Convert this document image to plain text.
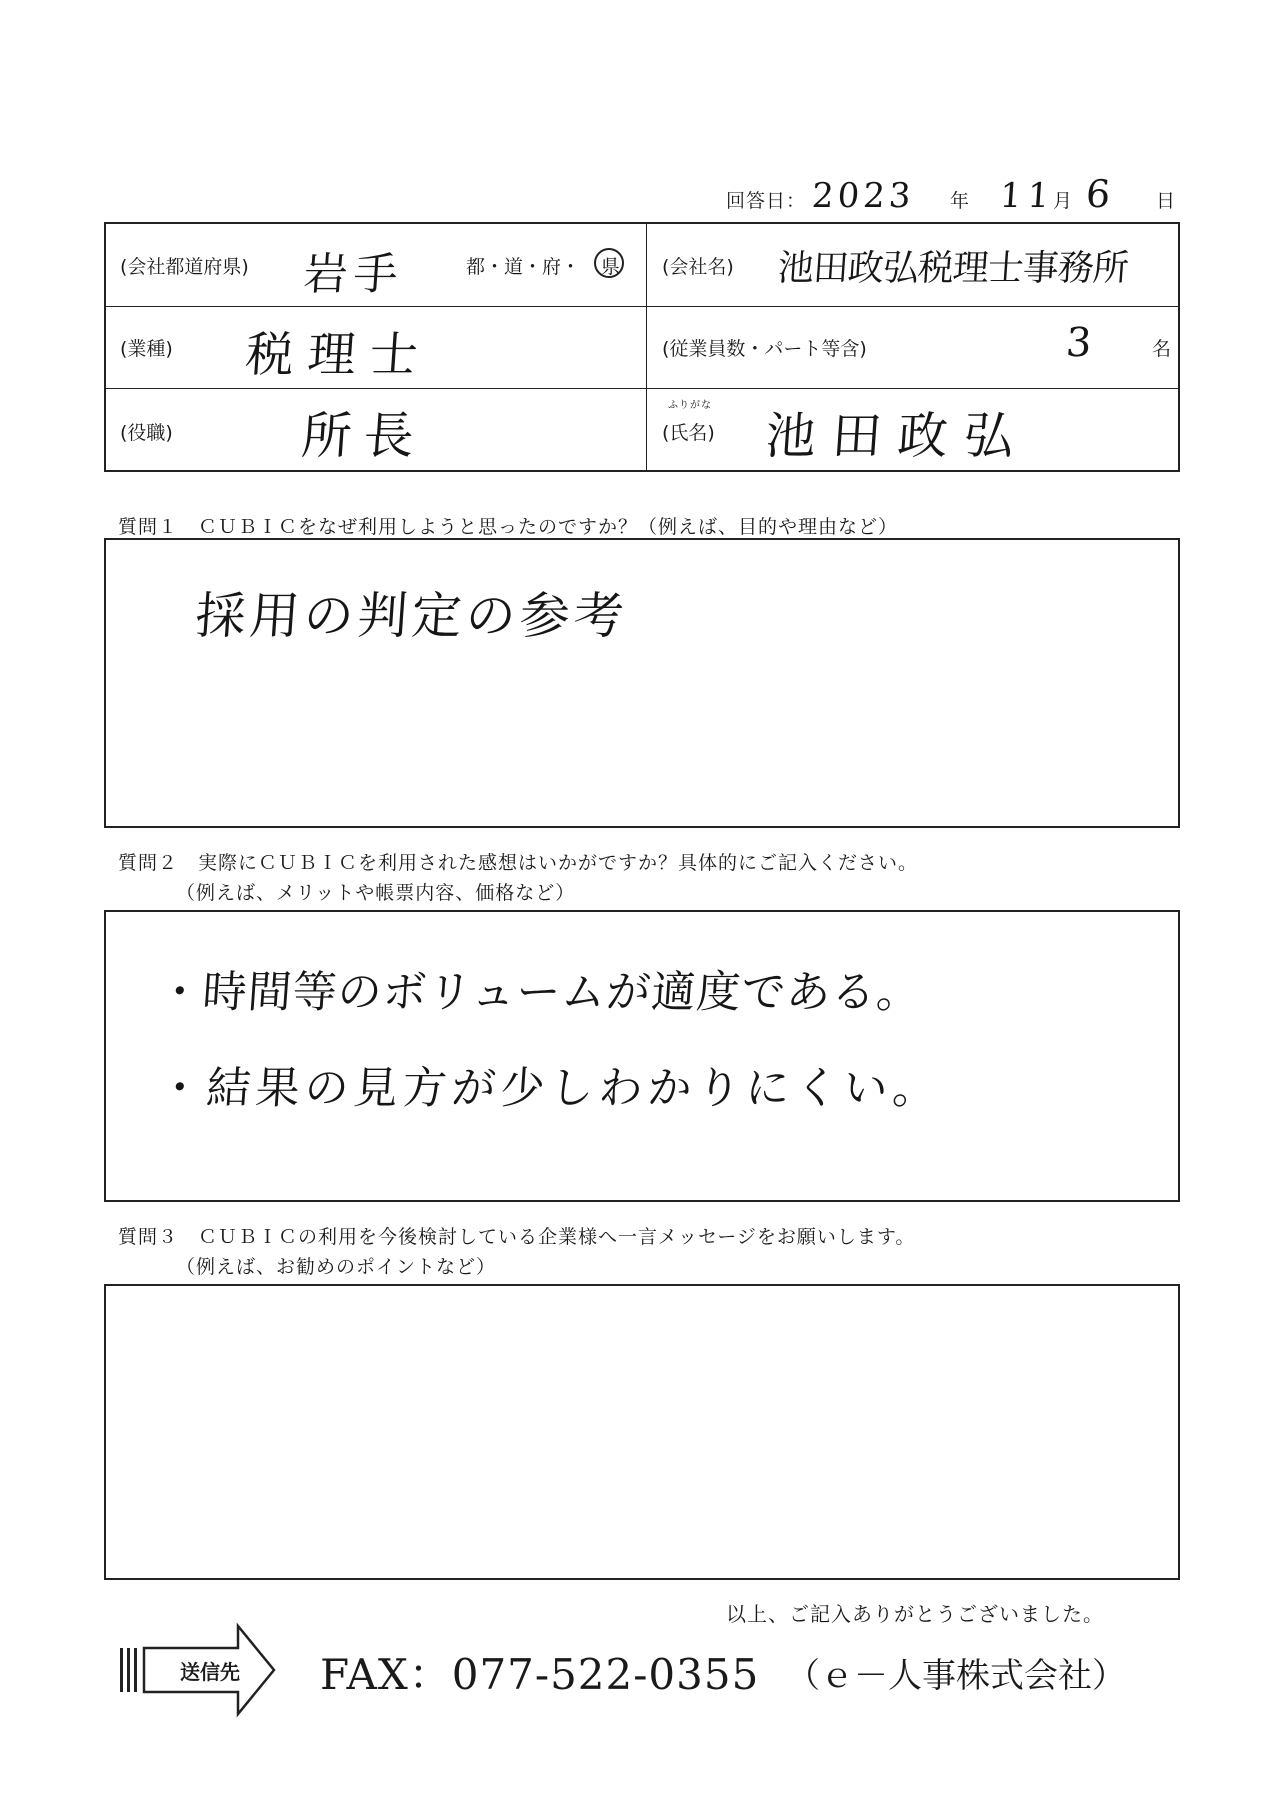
回答日： 2023 年 11
月 6 日
(会社都道府県) 岩手	都・道・府・ 県 (会社名) 池田政弘税理士事務所
(業種) 税理士	(従業員数・パート等含)	3	名
(役職)	所長
ふりがな
(氏名) 池田政弘
質問１　ＣＵＢＩＣをなぜ利用しようと思ったのですか？（例えば、目的や理由など）
採用の判定の参考
質問２　実際にＣＵＢＩＣを利用された感想はいかがですか？具体的にご記入ください。
（例えば、メリットや帳票内容、価格など）
・時間等のボリュームが適度である。
・結果の見方が少しわかりにくい。
質問３　ＣＵＢＩＣの利用を今後検討している企業様へ一言メッセージをお願いします。
（例えば、お勧めのポイントなど）
以上、ご記入ありがとうございました。
送信先 FAX：077-522-0355 （ｅ－人事株式会社）
